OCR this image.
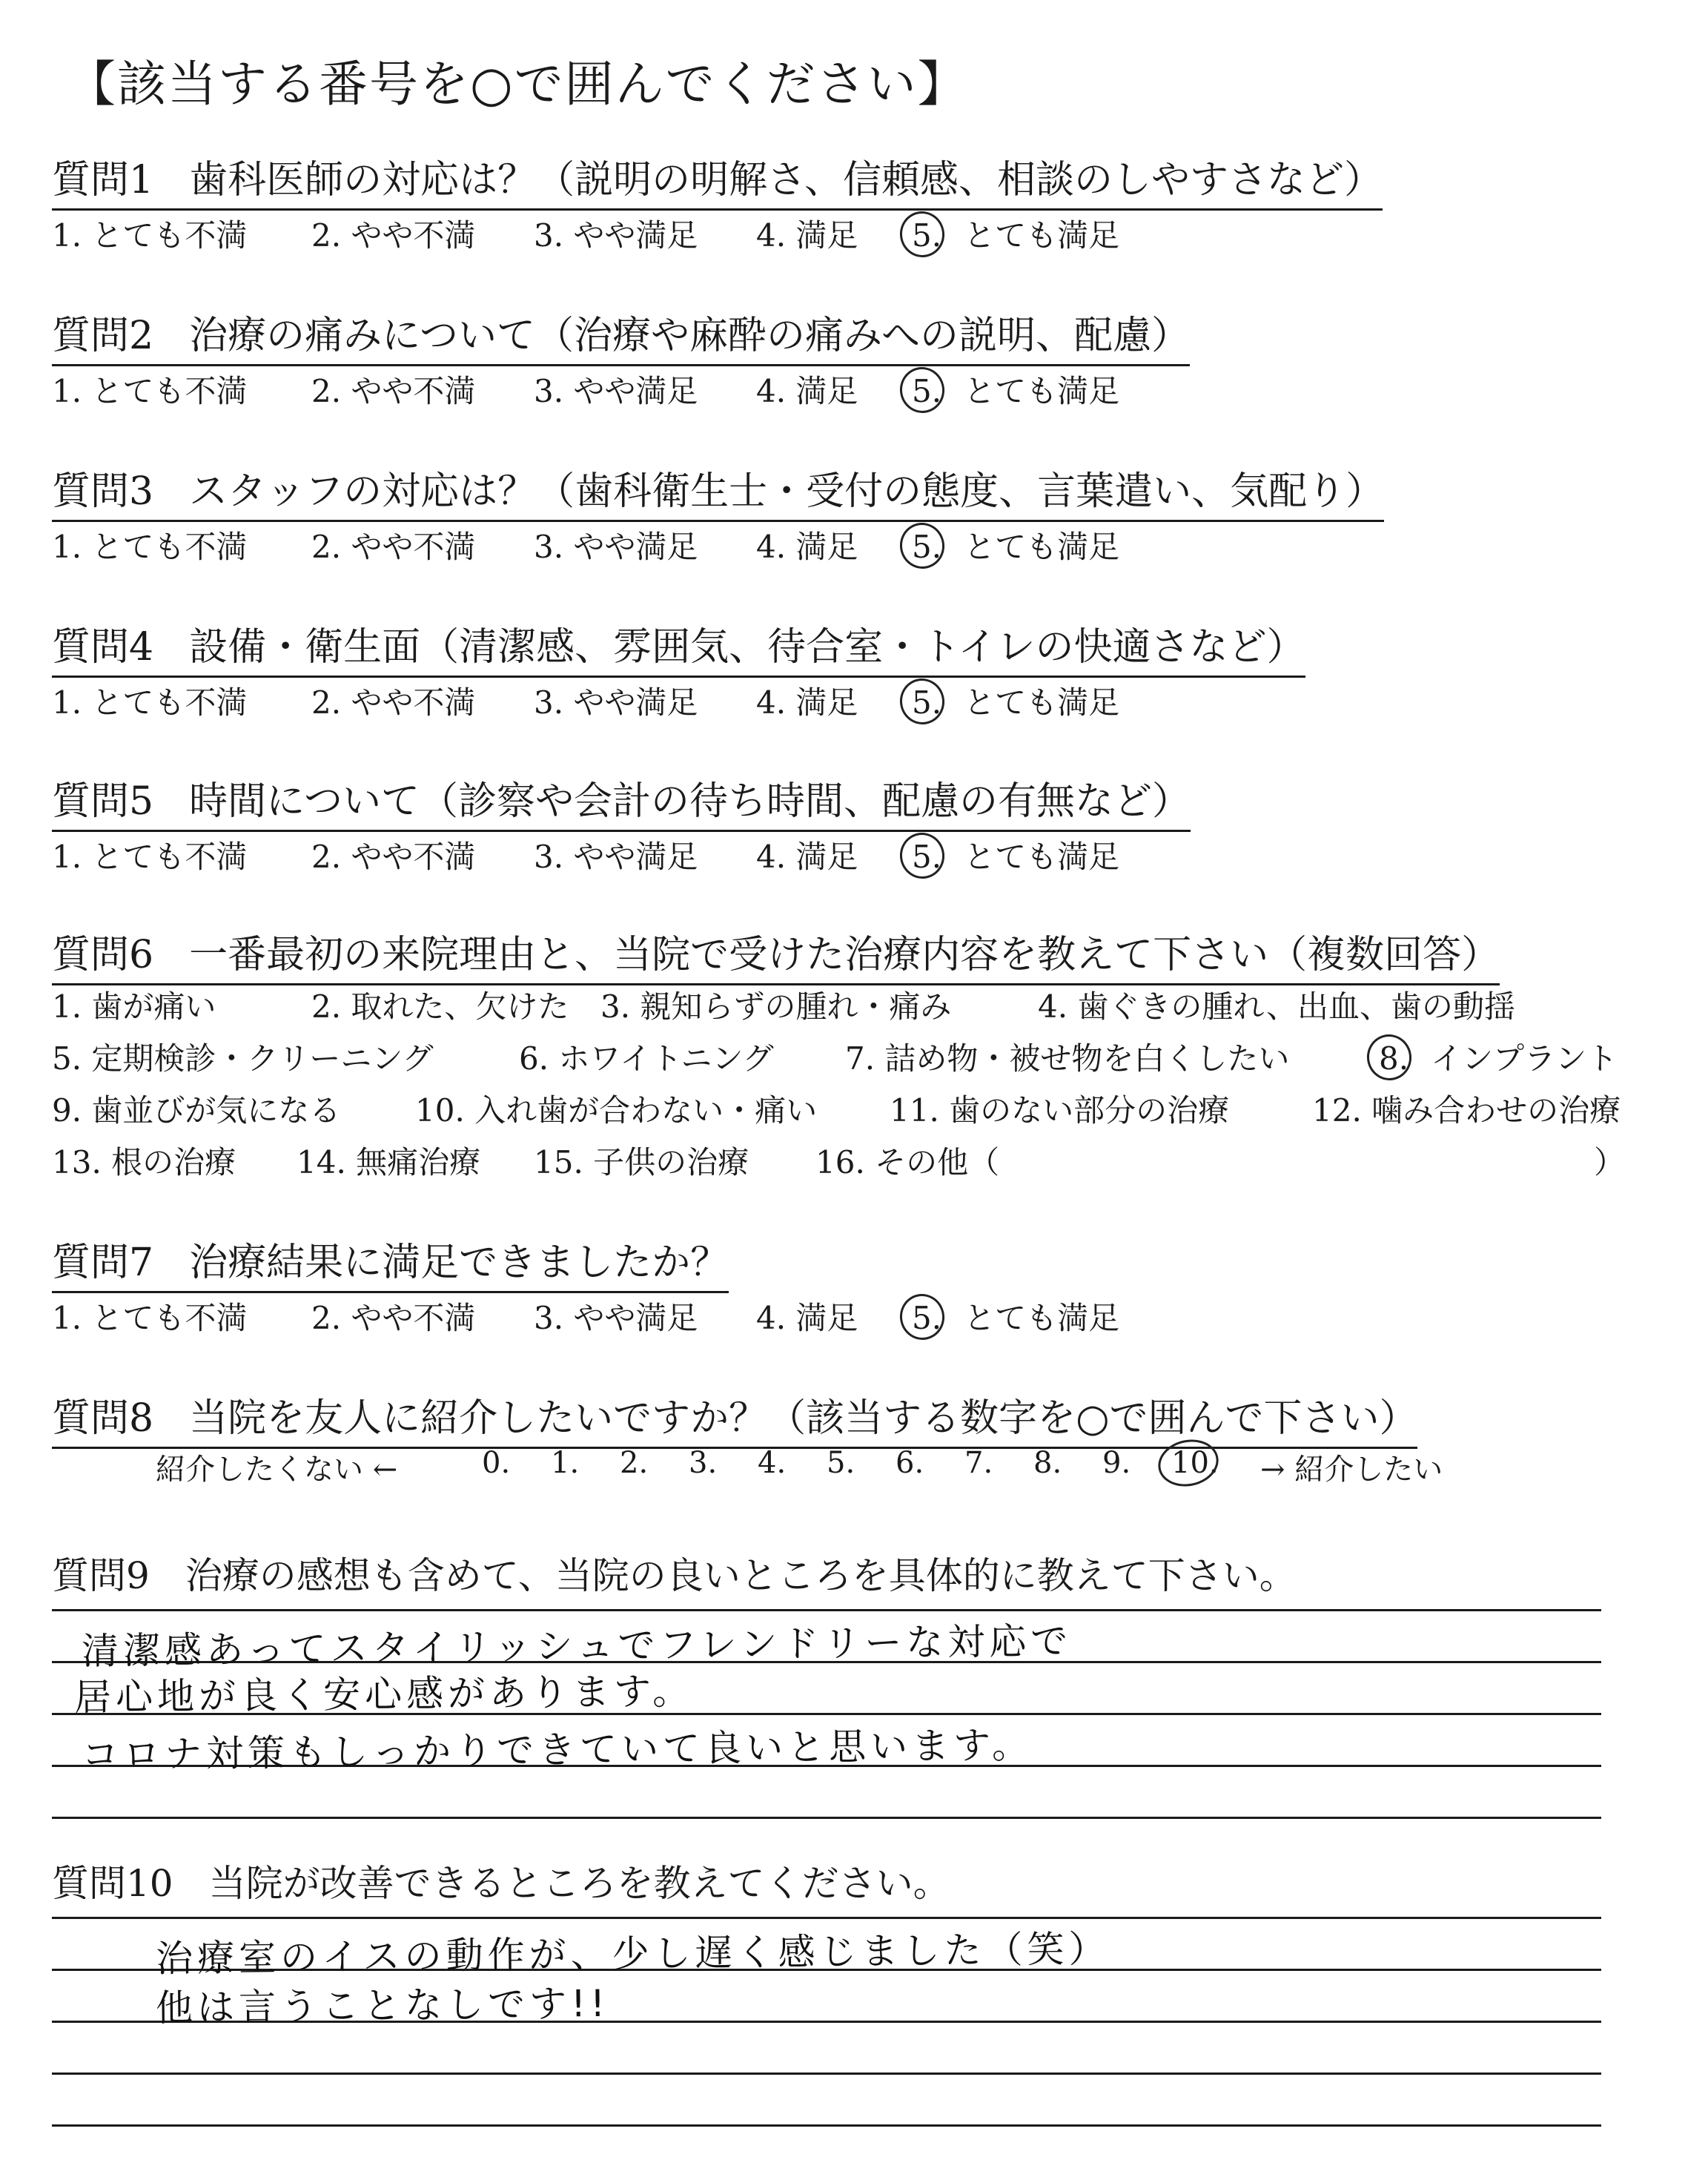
【該当する番号を○で囲んでください】
質問1 歯科医師の対応は？（説明の明解さ、信頼感、相談のしやすさなど）
1. とても不満 2. やや不満 3. やや満足 4. 満足 5. とても満足
質問2 治療の痛みについて（治療や麻酔の痛みへの説明、配慮）
1. とても不満 2. やや不満 3. やや満足 4. 満足 5. とても満足
質問3 スタッフの対応は？（歯科衛生士・受付の態度、言葉遣い、気配り）
1. とても不満 2. やや不満 3. やや満足 4. 満足 5. とても満足
質問4 設備・衛生面（清潔感、雰囲気、待合室・トイレの快適さなど）
1. とても不満 2. やや不満 3. やや満足 4. 満足 5. とても満足
質問5 時間について（診察や会計の待ち時間、配慮の有無など）
1. とても不満 2. やや不満 3. やや満足 4. 満足 5. とても満足
質問6 一番最初の来院理由と、当院で受けた治療内容を教えて下さい（複数回答）
1. 歯が痛い	2. 取れた、欠けた 3. 親知らずの腫れ・痛み	4. 歯ぐきの腫れ、出血、歯の動揺
5. 定期検診・クリーニング	6. ホワイトニング 7. 詰め物・被せ物を白くしたい	8. インプラント
9. 歯並びが気になる 10. 入れ歯が合わない・痛い 11. 歯のない部分の治療	12. 噛み合わせの治療
13. 根の治療 14. 無痛治療 15. 子供の治療 16. その他（	）
質問7 治療結果に満足できましたか？
1. とても不満 2. やや不満 3. やや満足 4. 満足 5. とても満足
質問8 当院を友人に紹介したいですか？（該当する数字を○で囲んで下さい）
紹介したくない ←	0. 1. 2. 3. 4. 5. 6. 7. 8. 9. 10.	→ 紹介したい
質問9 治療の感想も含めて、当院の良いところを具体的に教えて下さい。
清潔感あってスタイリッシュでフレンドリーな対応で
居心地が良く安心感があります。
コロナ対策もしっかりできていて良いと思います。
質問10 当院が改善できるところを教えてください。
治療室のイスの動作が、少し遅く感じました（笑）
他は言うことなしです!!
